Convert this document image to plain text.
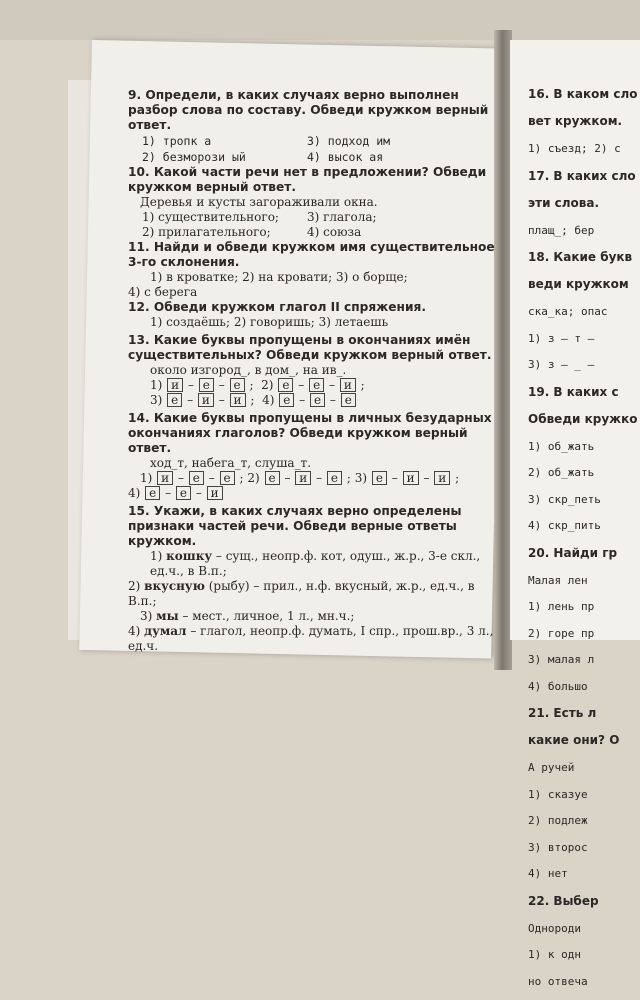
9. Определи, в каких случаях верно выполнен разбор слова по составу. Обведи кружком верный ответ.

1) тропк а	3) подход им
2) безморози ый	4) высок ая

10. Какой части речи нет в предложении? Обведи кружком верный ответ.

Деревья и кусты загораживали окна.

1) существительного;	3) глагола;
2) прилагательного;	4) союза

11. Найди и обведи кружком имя существительное 3-го склонения.

1) в кроватке; 2) на кровати; 3) о борще;

4) с берега

12. Обведи кружком глагол II спряжения.

1) создаёшь; 2) говоришь; 3) летаешь

13. Какие буквы пропущены в окончаниях имён существительных? Обведи кружком верный ответ.

около изгород_, в дом_, на ив_.

1) и – е – е ; 2) е – е – и ;

3) е – и – и ; 4) е – е – е

14. Какие буквы пропущены в личных безударных окончаниях глаголов? Обведи кружком верный ответ.

ход_т, набега_т, слуша_т.

1) и – е – е ; 2) е – и – е ; 3) е – и – и ;

4) е – е – и

15. Укажи, в каких случаях верно определены признаки частей речи. Обведи верные ответы кружком.

1) кошку – сущ., неопр.ф. кот, одуш., ж.р., 3-е скл., ед.ч., в В.п.;

2) вкусную (рыбу) – прил., н.ф. вкусный, ж.р., ед.ч., в В.п.;

3) мы – мест., личное, 1 л., мн.ч.;

4) думал – глагол, неопр.ф. думать, I спр., прош.вр., 3 л., ед.ч.

16. В каком сло

вет кружком.

1) съезд; 2) с

17. В каких сло

эти слова.

плащ_; бер

18. Какие букв

веди кружком

ска_ка; опас

1) з – т –

3) з – _ –

19. В каких с

Обведи кружко

1) об_жать

2) об_жать

3) скр_петь

4) скр_пить

20. Найди гр

Малая лен

1) лень пр

2) горе пр

3) малая л

4) большо

21. Есть л

какие они? О

А ручей

1) сказуе

2) подлеж

3) второс

4) нет

22. Выбер

Однороди

1) к одн

но отвеча
